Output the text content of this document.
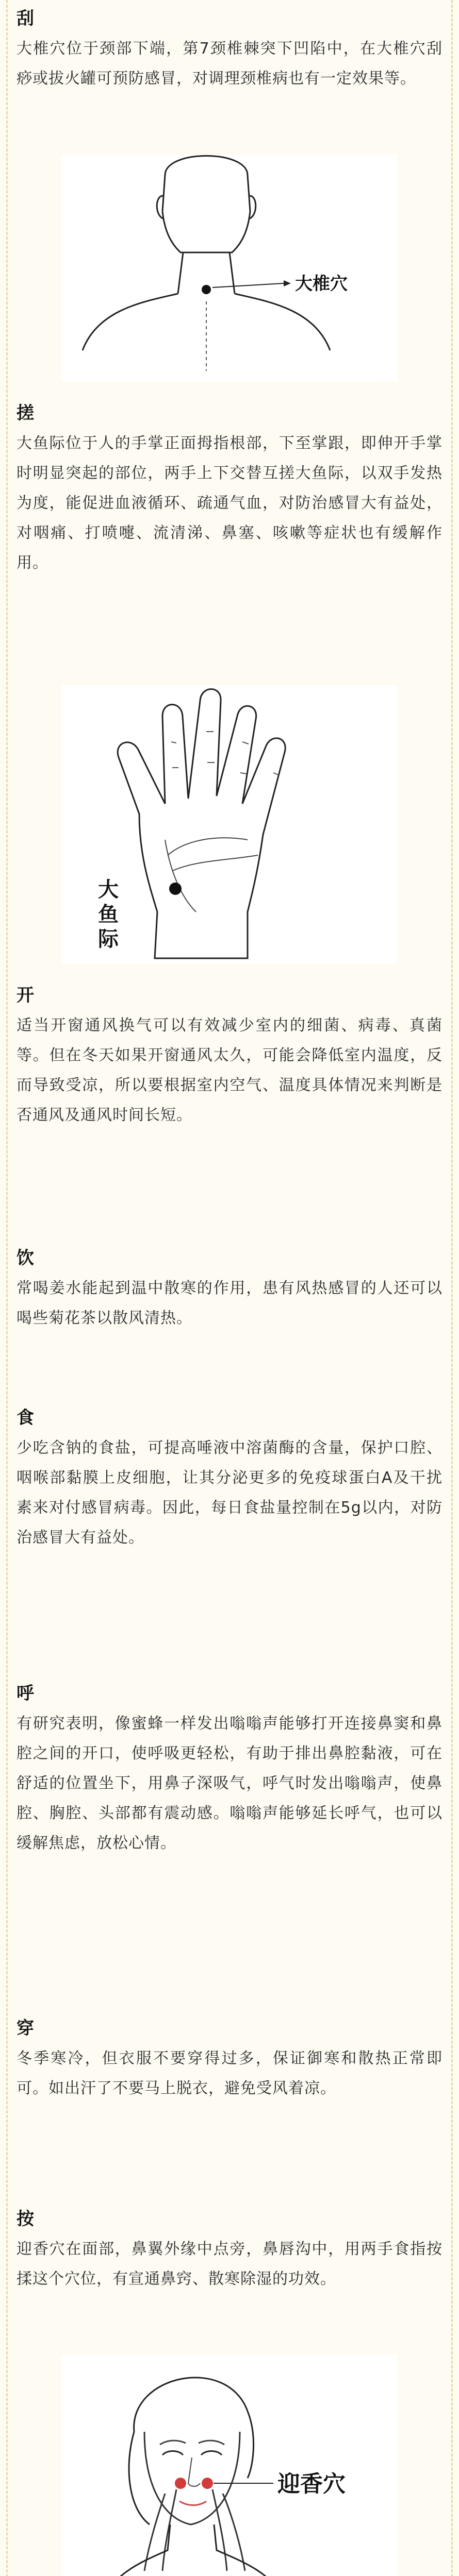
刮

大椎穴位于颈部下端，第7颈椎棘突下凹陷中，在大椎穴刮痧或拔火罐可预防感冒，对调理颈椎病也有一定效果等。

大椎穴
搓

大鱼际位于人的手掌正面拇指根部，下至掌跟，即伸开手掌时明显突起的部位，两手上下交替互搓大鱼际，以双手发热为度，能促进血液循环、疏通气血，对防治感冒大有益处，对咽痛、打喷嚏、流清涕、鼻塞、咳嗽等症状也有缓解作用。

大
鱼
际
开

适当开窗通风换气可以有效减少室内的细菌、病毒、真菌等。但在冬天如果开窗通风太久，可能会降低室内温度，反而导致受凉，所以要根据室内空气、温度具体情况来判断是否通风及通风时间长短。

饮

常喝姜水能起到温中散寒的作用，患有风热感冒的人还可以喝些菊花茶以散风清热。

食

少吃含钠的食盐，可提高唾液中溶菌酶的含量，保护口腔、咽喉部黏膜上皮细胞，让其分泌更多的免疫球蛋白A及干扰素来对付感冒病毒。因此，每日食盐量控制在5g以内，对防治感冒大有益处。

呼

有研究表明，像蜜蜂一样发出嗡嗡声能够打开连接鼻窦和鼻腔之间的开口，使呼吸更轻松，有助于排出鼻腔黏液，可在舒适的位置坐下，用鼻子深吸气，呼气时发出嗡嗡声，使鼻腔、胸腔、头部都有震动感。嗡嗡声能够延长呼气，也可以缓解焦虑，放松心情。

穿

冬季寒冷，但衣服不要穿得过多，保证御寒和散热正常即可。如出汗了不要马上脱衣，避免受风着凉。

按

迎香穴在面部，鼻翼外缘中点旁，鼻唇沟中，用两手食指按揉这个穴位，有宣通鼻窍、散寒除湿的功效。

迎香穴
